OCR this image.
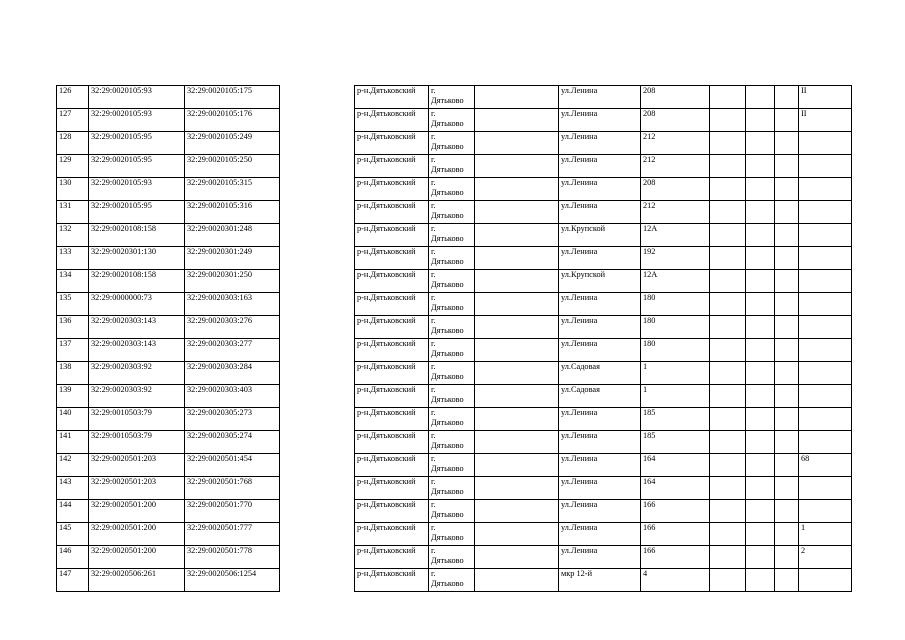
126	32:29:0020105:93	32:29:0020105:175
127	32:29:0020105:93	32:29:0020105:176
128	32:29:0020105:95	32:29:0020105:249
129	32:29:0020105:95	32:29:0020105:250
130	32:29:0020105:93	32:29:0020105:315
131	32:29:0020105:95	32:29:0020105:316
132	32:29:0020108:158	32:29:0020301:248
133	32:29:0020301:130	32:29:0020301:249
134	32:29:0020108:158	32:29:0020301:250
135	32:29:0000000:73	32:29:0020303:163
136	32:29:0020303:143	32:29:0020303:276
137	32:29:0020303:143	32:29:0020303:277
138	32:29:0020303:92	32:29:0020303:284
139	32:29:0020303:92	32:29:0020303:403
140	32:29:0010503:79	32:29:0020305:273
141	32:29:0010503:79	32:29:0020305:274
142	32:29:0020501:203	32:29:0020501:454
143	32:29:0020501:203	32:29:0020501:768
144	32:29:0020501:200	32:29:0020501:770
145	32:29:0020501:200	32:29:0020501:777
146	32:29:0020501:200	32:29:0020501:778
147	32:29:0020506:261	32:29:0020506:1254
р-н.Дятьковский	г.
Дятьково		ул.Ленина	208				II
р-н.Дятьковский	г.
Дятьково		ул.Ленина	208				II
р-н.Дятьковский	г.
Дятьково		ул.Ленина	212				
р-н.Дятьковский	г.
Дятьково		ул.Ленина	212				
р-н.Дятьковский	г.
Дятьково		ул.Ленина	208				
р-н.Дятьковский	г.
Дятьково		ул.Ленина	212				
р-н.Дятьковский	г.
Дятьково		ул.Крупской	12А				
р-н.Дятьковский	г.
Дятьково		ул.Ленина	192				
р-н.Дятьковский	г.
Дятьково		ул.Крупской	12А				
р-н.Дятьковский	г.
Дятьково		ул.Ленина	180				
р-н.Дятьковский	г.
Дятьково		ул.Ленина	180				
р-н.Дятьковский	г.
Дятьково		ул.Ленина	180				
р-н.Дятьковский	г.
Дятьково		ул.Садовая	1				
р-н.Дятьковский	г.
Дятьково		ул.Садовая	1				
р-н.Дятьковский	г.
Дятьково		ул.Ленина	185				
р-н.Дятьковский	г.
Дятьково		ул.Ленина	185				
р-н.Дятьковский	г.
Дятьково		ул.Ленина	164				68
р-н.Дятьковский	г.
Дятьково		ул.Ленина	164				
р-н.Дятьковский	г.
Дятьково		ул.Ленина	166				
р-н.Дятьковский	г.
Дятьково		ул.Ленина	166				1
р-н.Дятьковский	г.
Дятьково		ул.Ленина	166				2
р-н.Дятьковский	г.
Дятьково		мкр 12-й	4				
